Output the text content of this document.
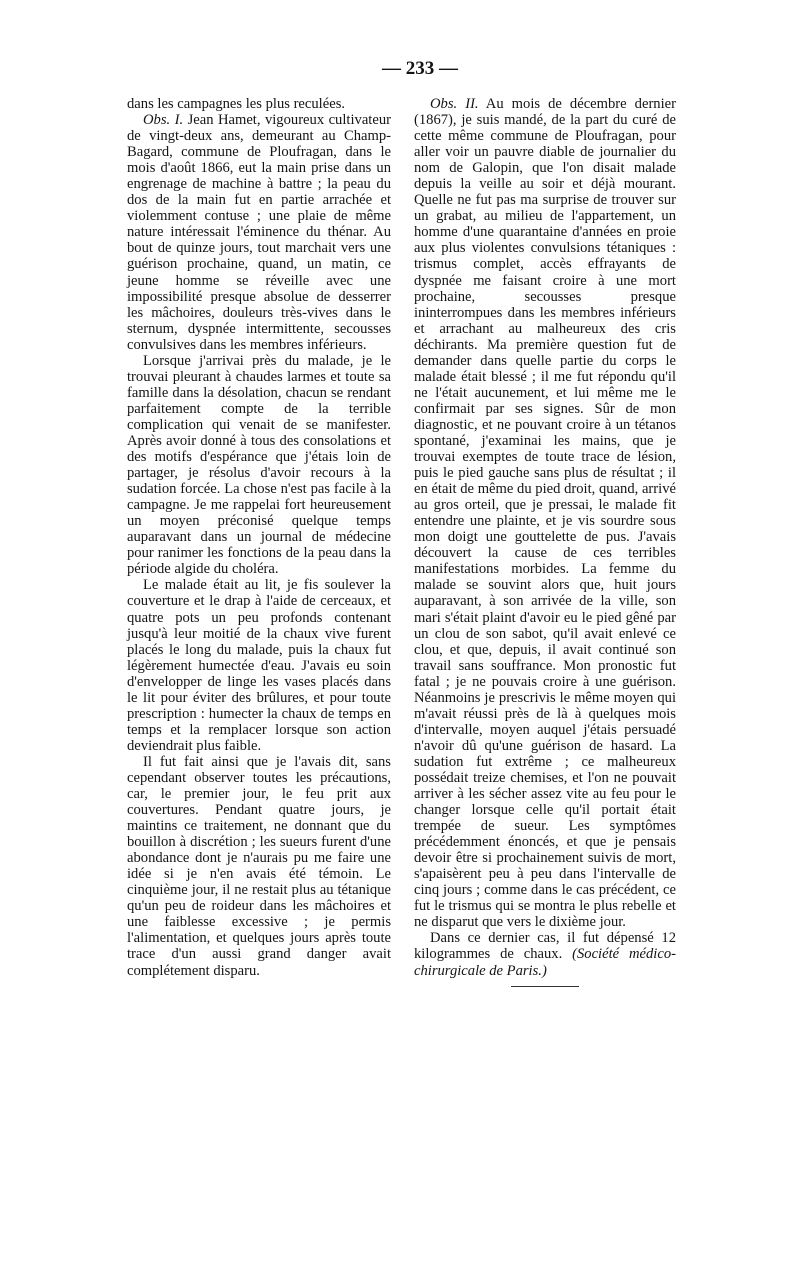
— 233 —

dans les campagnes les plus reculées.

Obs. I. Jean Hamet, vigoureux cultivateur de vingt-deux ans, demeurant au Champ-Bagard, commune de Ploufragan, dans le mois d'août 1866, eut la main prise dans un engrenage de machine à battre ; la peau du dos de la main fut en partie arrachée et violemment contuse ; une plaie de même nature intéressait l'éminence du thénar. Au bout de quinze jours, tout marchait vers une guérison prochaine, quand, un matin, ce jeune homme se réveille avec une impossibilité presque absolue de desserrer les mâchoires, douleurs très-vives dans le sternum, dyspnée intermittente, secousses convulsives dans les membres inférieurs.

Lorsque j'arrivai près du malade, je le trouvai pleurant à chaudes larmes et toute sa famille dans la désolation, chacun se rendant parfaitement compte de la terrible complication qui venait de se manifester. Après avoir donné à tous des consolations et des motifs d'espérance que j'étais loin de partager, je résolus d'avoir recours à la sudation forcée. La chose n'est pas facile à la campagne. Je me rappelai fort heureusement un moyen préconisé quelque temps auparavant dans un journal de médecine pour ranimer les fonctions de la peau dans la période algide du choléra.

Le malade était au lit, je fis soulever la couverture et le drap à l'aide de cerceaux, et quatre pots un peu profonds contenant jusqu'à leur moitié de la chaux vive furent placés le long du malade, puis la chaux fut légèrement humectée d'eau. J'avais eu soin d'envelopper de linge les vases placés dans le lit pour éviter des brûlures, et pour toute prescription : humecter la chaux de temps en temps et la remplacer lorsque son action deviendrait plus faible.

Il fut fait ainsi que je l'avais dit, sans cependant observer toutes les précautions, car, le premier jour, le feu prit aux couvertures. Pendant quatre jours, je maintins ce traitement, ne donnant que du bouillon à discrétion ; les sueurs furent d'une abondance dont je n'aurais pu me faire une idée si je n'en avais été témoin. Le cinquième jour, il ne restait plus au tétanique qu'un peu de roideur dans les mâchoires et une faiblesse excessive ; je permis l'alimentation, et quelques jours après toute trace d'un aussi grand danger avait complétement disparu.

Obs. II. Au mois de décembre dernier (1867), je suis mandé, de la part du curé de cette même commune de Ploufragan, pour aller voir un pauvre diable de journalier du nom de Galopin, que l'on disait malade depuis la veille au soir et déjà mourant. Quelle ne fut pas ma surprise de trouver sur un grabat, au milieu de l'appartement, un homme d'une quarantaine d'années en proie aux plus violentes convulsions tétaniques : trismus complet, accès effrayants de dyspnée me faisant croire à une mort prochaine, secousses presque ininterrompues dans les membres inférieurs et arrachant au malheureux des cris déchirants. Ma première question fut de demander dans quelle partie du corps le malade était blessé ; il me fut répondu qu'il ne l'était aucunement, et lui même me le confirmait par ses signes. Sûr de mon diagnostic, et ne pouvant croire à un tétanos spontané, j'examinai les mains, que je trouvai exemptes de toute trace de lésion, puis le pied gauche sans plus de résultat ; il en était de même du pied droit, quand, arrivé au gros orteil, que je pressai, le malade fit entendre une plainte, et je vis sourdre sous mon doigt une gouttelette de pus. J'avais découvert la cause de ces terribles manifestations morbides. La femme du malade se souvint alors que, huit jours auparavant, à son arrivée de la ville, son mari s'était plaint d'avoir eu le pied gêné par un clou de son sabot, qu'il avait enlevé ce clou, et que, depuis, il avait continué son travail sans souffrance. Mon pronostic fut fatal ; je ne pouvais croire à une guérison. Néanmoins je prescrivis le même moyen qui m'avait réussi près de là à quelques mois d'intervalle, moyen auquel j'étais persuadé n'avoir dû qu'une guérison de hasard. La sudation fut extrême ; ce malheureux possédait treize chemises, et l'on ne pouvait arriver à les sécher assez vite au feu pour le changer lorsque celle qu'il portait était trempée de sueur. Les symptômes précédemment énoncés, et que je pensais devoir être si prochainement suivis de mort, s'apaisèrent peu à peu dans l'intervalle de cinq jours ; comme dans le cas précédent, ce fut le trismus qui se montra le plus rebelle et ne disparut que vers le dixième jour.

Dans ce dernier cas, il fut dépensé 12 kilogrammes de chaux. (Société médico-chirurgicale de Paris.)
